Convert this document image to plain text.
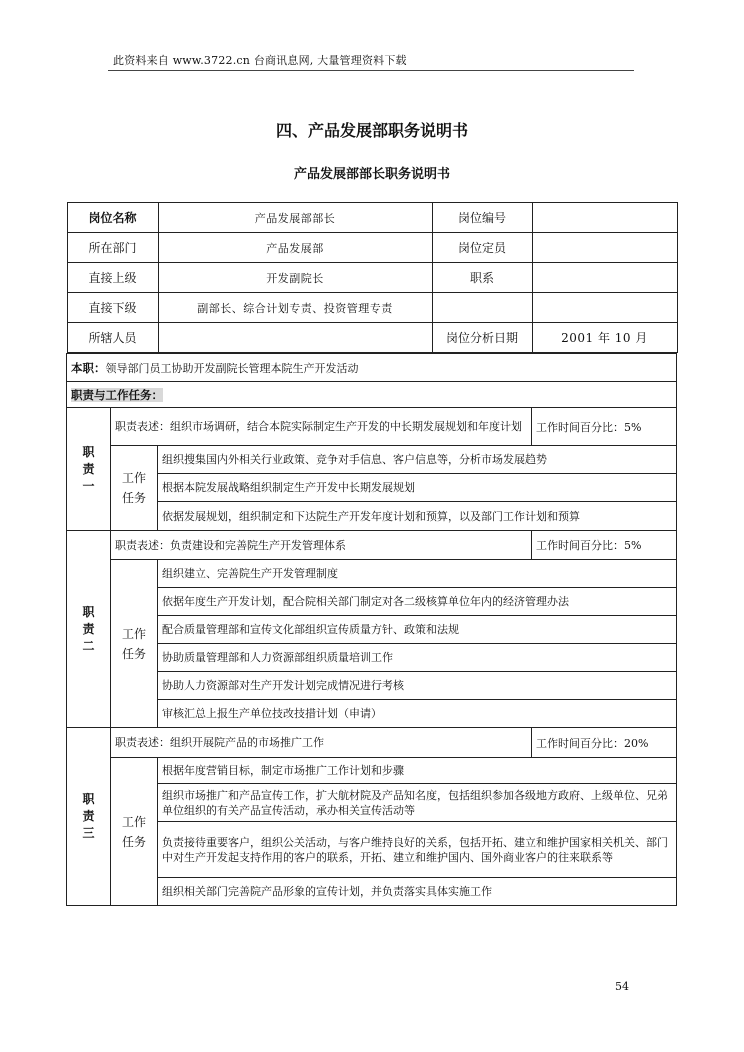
此资料来自 www.3722.cn 台商讯息网, 大量管理资料下载
四、产品发展部职务说明书
产品发展部部长职务说明书
岗位名称	产品发展部部长	岗位编号	
所在部门	产品发展部	岗位定员	
直接上级	开发副院长	职系	
直接下级	副部长、综合计划专责、投资管理专责		
所辖人员		岗位分析日期	2001 年 10 月

本职：领导部门员工协助开发副院长管理本院生产开发活动
职责与工作任务：
职
责
一	职责表述：组织市场调研，结合本院实际制定生产开发的中长期发展规划和年度计划	工作时间百分比：5%
工作
任务	组织搜集国内外相关行业政策、竞争对手信息、客户信息等，分析市场发展趋势
根据本院发展战略组织制定生产开发中长期发展规划
依据发展规划，组织制定和下达院生产开发年度计划和预算，以及部门工作计划和预算
职
责
二	职责表述：负责建设和完善院生产开发管理体系	工作时间百分比：5%
工作
任务	组织建立、完善院生产开发管理制度
依据年度生产开发计划，配合院相关部门制定对各二级核算单位年内的经济管理办法
配合质量管理部和宣传文化部组织宣传质量方针、政策和法规
协助质量管理部和人力资源部组织质量培训工作
协助人力资源部对生产开发计划完成情况进行考核
审核汇总上报生产单位技改技措计划（申请）
职
责
三	职责表述：组织开展院产品的市场推广工作	工作时间百分比：20%
工作
任务	根据年度营销目标，制定市场推广工作计划和步骤
组织市场推广和产品宣传工作，扩大航材院及产品知名度，包括组织参加各级地方政府、上级单位、兄弟单位组织的有关产品宣传活动，承办相关宣传活动等
负责接待重要客户，组织公关活动，与客户维持良好的关系，包括开拓、建立和维护国家相关机关、部门中对生产开发起支持作用的客户的联系，开拓、建立和维护国内、国外商业客户的往来联系等
组织相关部门完善院产品形象的宣传计划，并负责落实具体实施工作
54
